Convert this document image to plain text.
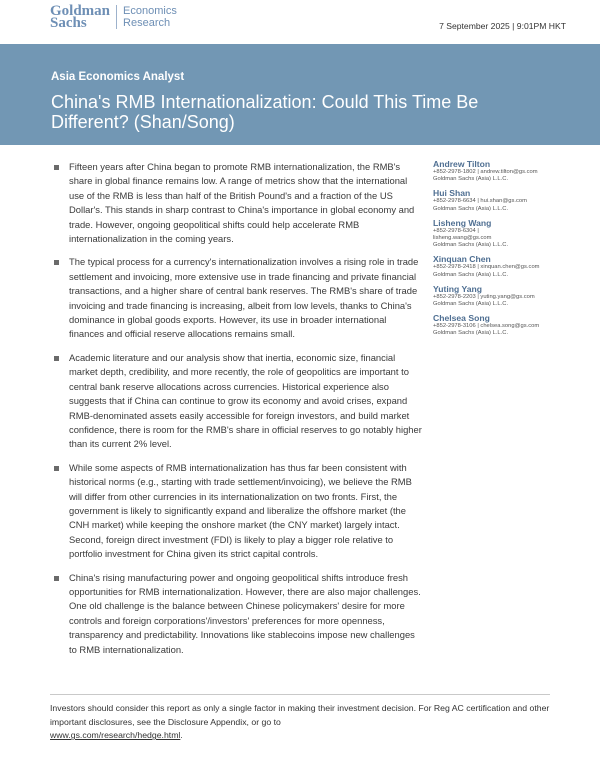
Goldman
Sachs
Economics
Research	7 September 2025 | 9:01PM HKT
Asia Economics Analyst
China's RMB Internationalization: Could This Time Be Different? (Shan/Song)
Fifteen years after China began to promote RMB internationalization, the RMB's share in global finance remains low. A range of metrics show that the international use of the RMB is less than half of the British Pound's and a fraction of the US Dollar's. This stands in sharp contrast to China's importance in global economy and trade. However, ongoing geopolitical shifts could help accelerate RMB internationalization in the coming years.
The typical process for a currency's internationalization involves a rising role in trade settlement and invoicing, more extensive use in trade financing and private financial transactions, and a higher share of central bank reserves. The RMB's share of trade invoicing and trade financing is increasing, albeit from low levels, thanks to China's dominance in global goods exports. However, its use in broader international finances and official reserve allocations remains small.
Academic literature and our analysis show that inertia, economic size, financial market depth, credibility, and more recently, the role of geopolitics are important to central bank reserve allocations across currencies. Historical experience also suggests that if China can continue to grow its economy and avoid crises, expand RMB-denominated assets easily accessible for foreign investors, and build market confidence, there is room for the RMB's share in official reserves to go notably higher than its current 2% level.
While some aspects of RMB internationalization has thus far been consistent with historical norms (e.g., starting with trade settlement/invoicing), we believe the RMB will differ from other currencies in its internationalization on two fronts. First, the government is likely to significantly expand and liberalize the offshore market (the CNH market) while keeping the onshore market (the CNY market) largely intact. Second, foreign direct investment (FDI) is likely to play a bigger role relative to portfolio investment for China given its strict capital controls.
China's rising manufacturing power and ongoing geopolitical shifts introduce fresh opportunities for RMB internationalization. However, there are also major challenges. One old challenge is the balance between Chinese policymakers' desire for more controls and foreign corporations'/investors' preferences for more openness, transparency and predictability. Innovations like stablecoins impose new challenges to RMB internationalization.
Andrew Tilton
+852-2978-1802 | andrew.tilton@gs.com
Goldman Sachs (Asia) L.L.C.
Hui Shan
+852-2978-6634 | hui.shan@gs.com
Goldman Sachs (Asia) L.L.C.
Lisheng Wang
+852-2978-6304 |
lisheng.wang@gs.com
Goldman Sachs (Asia) L.L.C.
Xinquan Chen
+852-2978-2418 | xinquan.chen@gs.com
Goldman Sachs (Asia) L.L.C.
Yuting Yang
+852-2978-2203 | yuting.yang@gs.com
Goldman Sachs (Asia) L.L.C.
Chelsea Song
+852-2978-3106 | chelsea.song@gs.com
Goldman Sachs (Asia) L.L.C.
Investors should consider this report as only a single factor in making their investment decision. For Reg AC certification and other important disclosures, see the Disclosure Appendix, or go to
www.gs.com/research/hedge.html.
